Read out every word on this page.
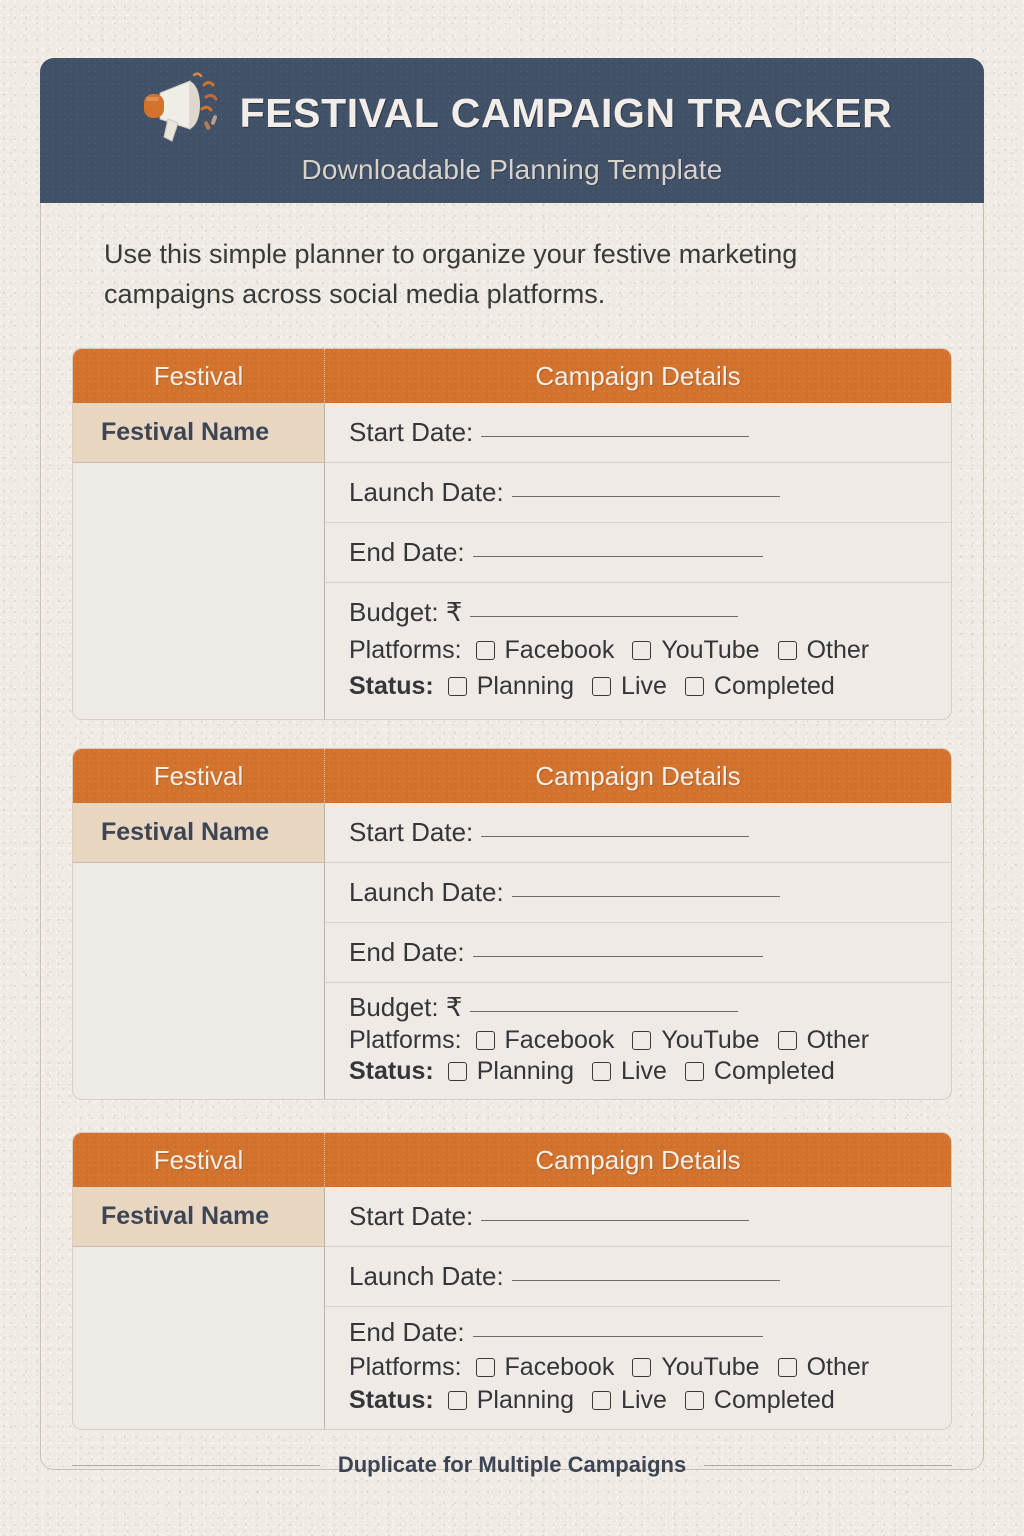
FESTIVAL CAMPAIGN TRACKER
Downloadable Planning Template

Use this simple planner to organize your festive marketing campaigns across social media platforms.

Festival	Campaign Details
Festival Name	Start Date:
Launch Date:
End Date:
Budget: ₹
Platforms: Facebook YouTube Other
Status: Planning Live Completed
Festival	Campaign Details
Festival Name	Start Date:
Launch Date:
End Date:
Budget: ₹
Platforms: Facebook YouTube Other
Status: Planning Live Completed
Festival	Campaign Details
Festival Name	Start Date:
Launch Date:
End Date:
Platforms: Facebook YouTube Other
Status: Planning Live Completed
Duplicate for Multiple Campaigns
